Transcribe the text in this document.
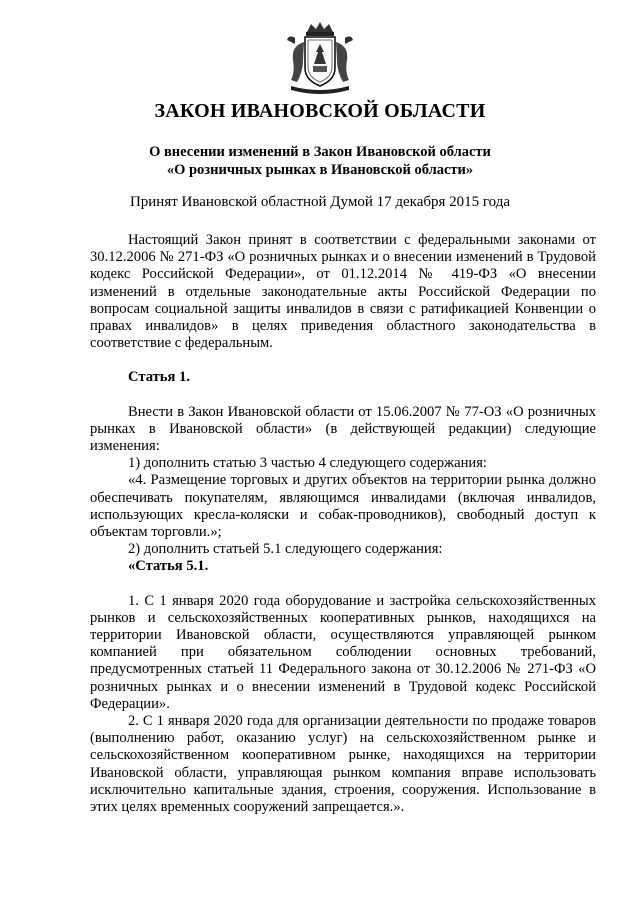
ЗАКОН ИВАНОВСКОЙ ОБЛАСТИ
О внесении изменений в Закон Ивановской области
«О розничных рынках в Ивановской области»
Принят Ивановской областной Думой 17 декабря 2015 года

Настоящий Закон принят в соответствии с федеральными законами от 30.12.2006 № 271-ФЗ «О розничных рынках и о внесении изменений в Трудовой кодекс Российской Федерации», от 01.12.2014 № 419-ФЗ «О внесении изменений в отдельные законодательные акты Российской Федерации по вопросам социальной защиты инвалидов в связи с ратификацией Конвенции о правах инвалидов» в целях приведения областного законодательства в соответствие с федеральным.

Статья 1.

Внести в Закон Ивановской области от 15.06.2007 № 77-ОЗ «О розничных рынках в Ивановской области» (в действующей редакции) следующие изменения:

1) дополнить статью 3 частью 4 следующего содержания:

«4. Размещение торговых и других объектов на территории рынка должно обеспечивать покупателям, являющимся инвалидами (включая инвалидов, использующих кресла-коляски и собак-проводников), свободный доступ к объектам торговли.»;

2) дополнить статьей 5.1 следующего содержания:

«Статья 5.1.

1. С 1 января 2020 года оборудование и застройка сельскохозяйственных рынков и сельскохозяйственных кооперативных рынков, находящихся на территории Ивановской области, осуществляются управляющей рынком компанией при обязательном соблюдении основных требований, предусмотренных статьей 11 Федерального закона от 30.12.2006 № 271-ФЗ «О розничных рынках и о внесении изменений в Трудовой кодекс Российской Федерации».

2. С 1 января 2020 года для организации деятельности по продаже товаров (выполнению работ, оказанию услуг) на сельскохозяйственном рынке и сельскохозяйственном кооперативном рынке, находящихся на территории Ивановской области, управляющая рынком компания вправе использовать исключительно капитальные здания, строения, сооружения. Использование в этих целях временных сооружений запрещается.».
